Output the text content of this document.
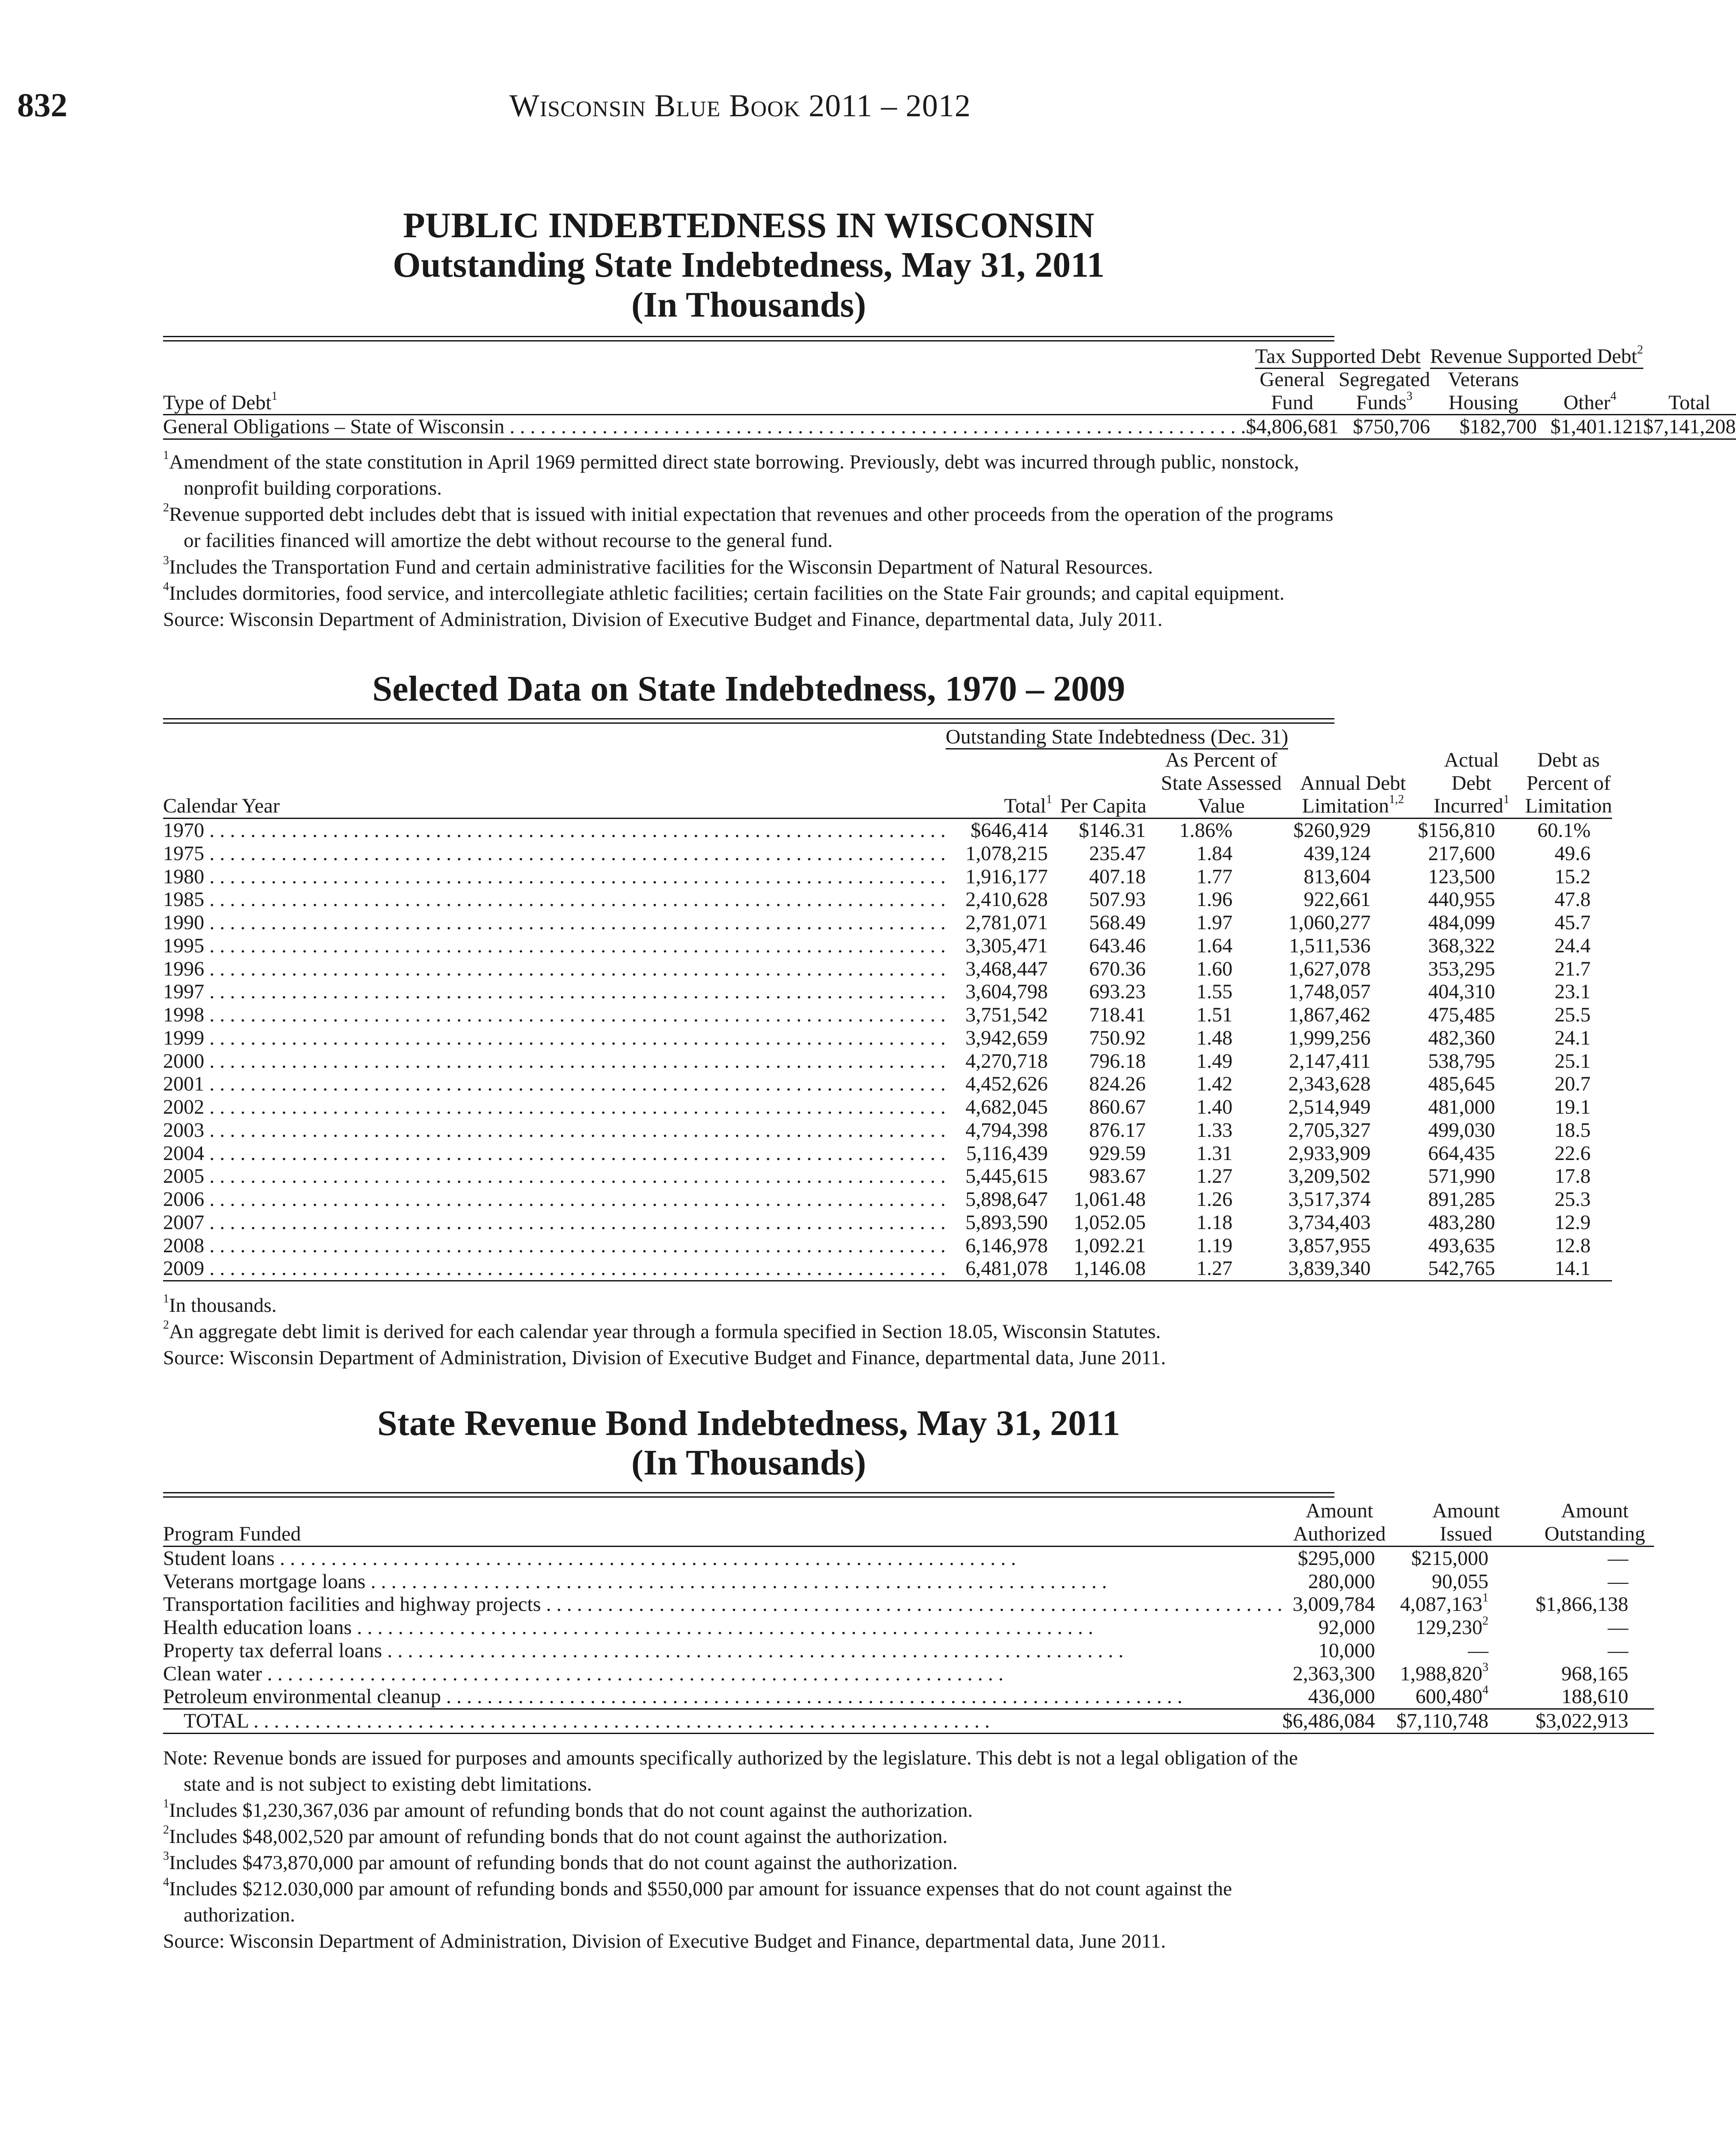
832	Wisconsin Blue Book 2011 – 2012
PUBLIC INDEBTEDNESS IN WISCONSIN
Outstanding State Indebtedness, May 31, 2011
(In Thousands)
	Tax Supported Debt		Revenue Supported Debt$^2$	
	General	Segregated	Veterans		
Type of Debt$^1$	Fund	Funds$^3$	Housing	Other$^4$	Total
General Obligations – State of Wisconsin . . .	$4,806,681	$750,706	$182,700	$1,401.121	$7,141,208

$^1$Amendment of the state constitution in April 1969 permitted direct state borrowing. Previously, debt was incurred through public, nonstock, nonprofit building corporations.

$^2$Revenue supported debt includes debt that is issued with initial expectation that revenues and other proceeds from the operation of the programs or facilities financed will amortize the debt without recourse to the general fund.

$^3$Includes the Transportation Fund and certain administrative facilities for the Wisconsin Department of Natural Resources.

$^4$Includes dormitories, food service, and intercollegiate athletic facilities; certain facilities on the State Fair grounds; and capital equipment.

Source: Wisconsin Department of Administration, Division of Executive Budget and Finance, departmental data, July 2011.

Selected Data on State Indebtedness, 1970 – 2009
	Outstanding State Indebtedness (Dec. 31)					
			As Percent of		Actual	Debt as
			State Assessed	Annual Debt	Debt	Percent of
Calendar Year	Total$^1$	Per Capita	Value	Limitation$^{1,2}$	Incurred$^1$	Limitation
1970 . . .	$646,414	$146.31	1.86%	$260,929	$156,810	60.1%
1975 . . .	1,078,215	235.47	1.84	439,124	217,600	49.6
1980 . . .	1,916,177	407.18	1.77	813,604	123,500	15.2
1985 . . .	2,410,628	507.93	1.96	922,661	440,955	47.8
1990 . . .	2,781,071	568.49	1.97	1,060,277	484,099	45.7
1995 . . .	3,305,471	643.46	1.64	1,511,536	368,322	24.4
1996 . . .	3,468,447	670.36	1.60	1,627,078	353,295	21.7
1997 . . .	3,604,798	693.23	1.55	1,748,057	404,310	23.1
1998 . . .	3,751,542	718.41	1.51	1,867,462	475,485	25.5
1999 . . .	3,942,659	750.92	1.48	1,999,256	482,360	24.1
2000 . . .	4,270,718	796.18	1.49	2,147,411	538,795	25.1
2001 . . .	4,452,626	824.26	1.42	2,343,628	485,645	20.7
2002 . . .	4,682,045	860.67	1.40	2,514,949	481,000	19.1
2003 . . .	4,794,398	876.17	1.33	2,705,327	499,030	18.5
2004 . . .	5,116,439	929.59	1.31	2,933,909	664,435	22.6
2005 . . .	5,445,615	983.67	1.27	3,209,502	571,990	17.8
2006 . . .	5,898,647	1,061.48	1.26	3,517,374	891,285	25.3
2007 . . .	5,893,590	1,052.05	1.18	3,734,403	483,280	12.9
2008 . . .	6,146,978	1,092.21	1.19	3,857,955	493,635	12.8
2009 . . .	6,481,078	1,146.08	1.27	3,839,340	542,765	14.1

$^1$In thousands.

$^2$An aggregate debt limit is derived for each calendar year through a formula specified in Section 18.05, Wisconsin Statutes.

Source: Wisconsin Department of Administration, Division of Executive Budget and Finance, departmental data, June 2011.

State Revenue Bond Indebtedness, May 31, 2011
(In Thousands)
	Amount	Amount	Amount
Program Funded	Authorized	Issued	Outstanding
Student loans . . .	$295,000	$215,000	—
Veterans mortgage loans . . .	280,000	90,055	—
Transportation facilities and highway projects . . .	3,009,784	4,087,163$^1$	$1,866,138
Health education loans . . .	92,000	129,230$^2$	—
Property tax deferral loans . . .	10,000	—	—
Clean water . . .	2,363,300	1,988,820$^3$	968,165
Petroleum environmental cleanup . . .	436,000	600,480$^4$	188,610
TOTAL . . .	$6,486,084	$7,110,748	$3,022,913

Note: Revenue bonds are issued for purposes and amounts specifically authorized by the legislature. This debt is not a legal obligation of the state and is not subject to existing debt limitations.

$^1$Includes $1,230,367,036 par amount of refunding bonds that do not count against the authorization.

$^2$Includes $48,002,520 par amount of refunding bonds that do not count against the authorization.

$^3$Includes $473,870,000 par amount of refunding bonds that do not count against the authorization.

$^4$Includes $212.030,000 par amount of refunding bonds and $550,000 par amount for issuance expenses that do not count against the authorization.

Source: Wisconsin Department of Administration, Division of Executive Budget and Finance, departmental data, June 2011.
